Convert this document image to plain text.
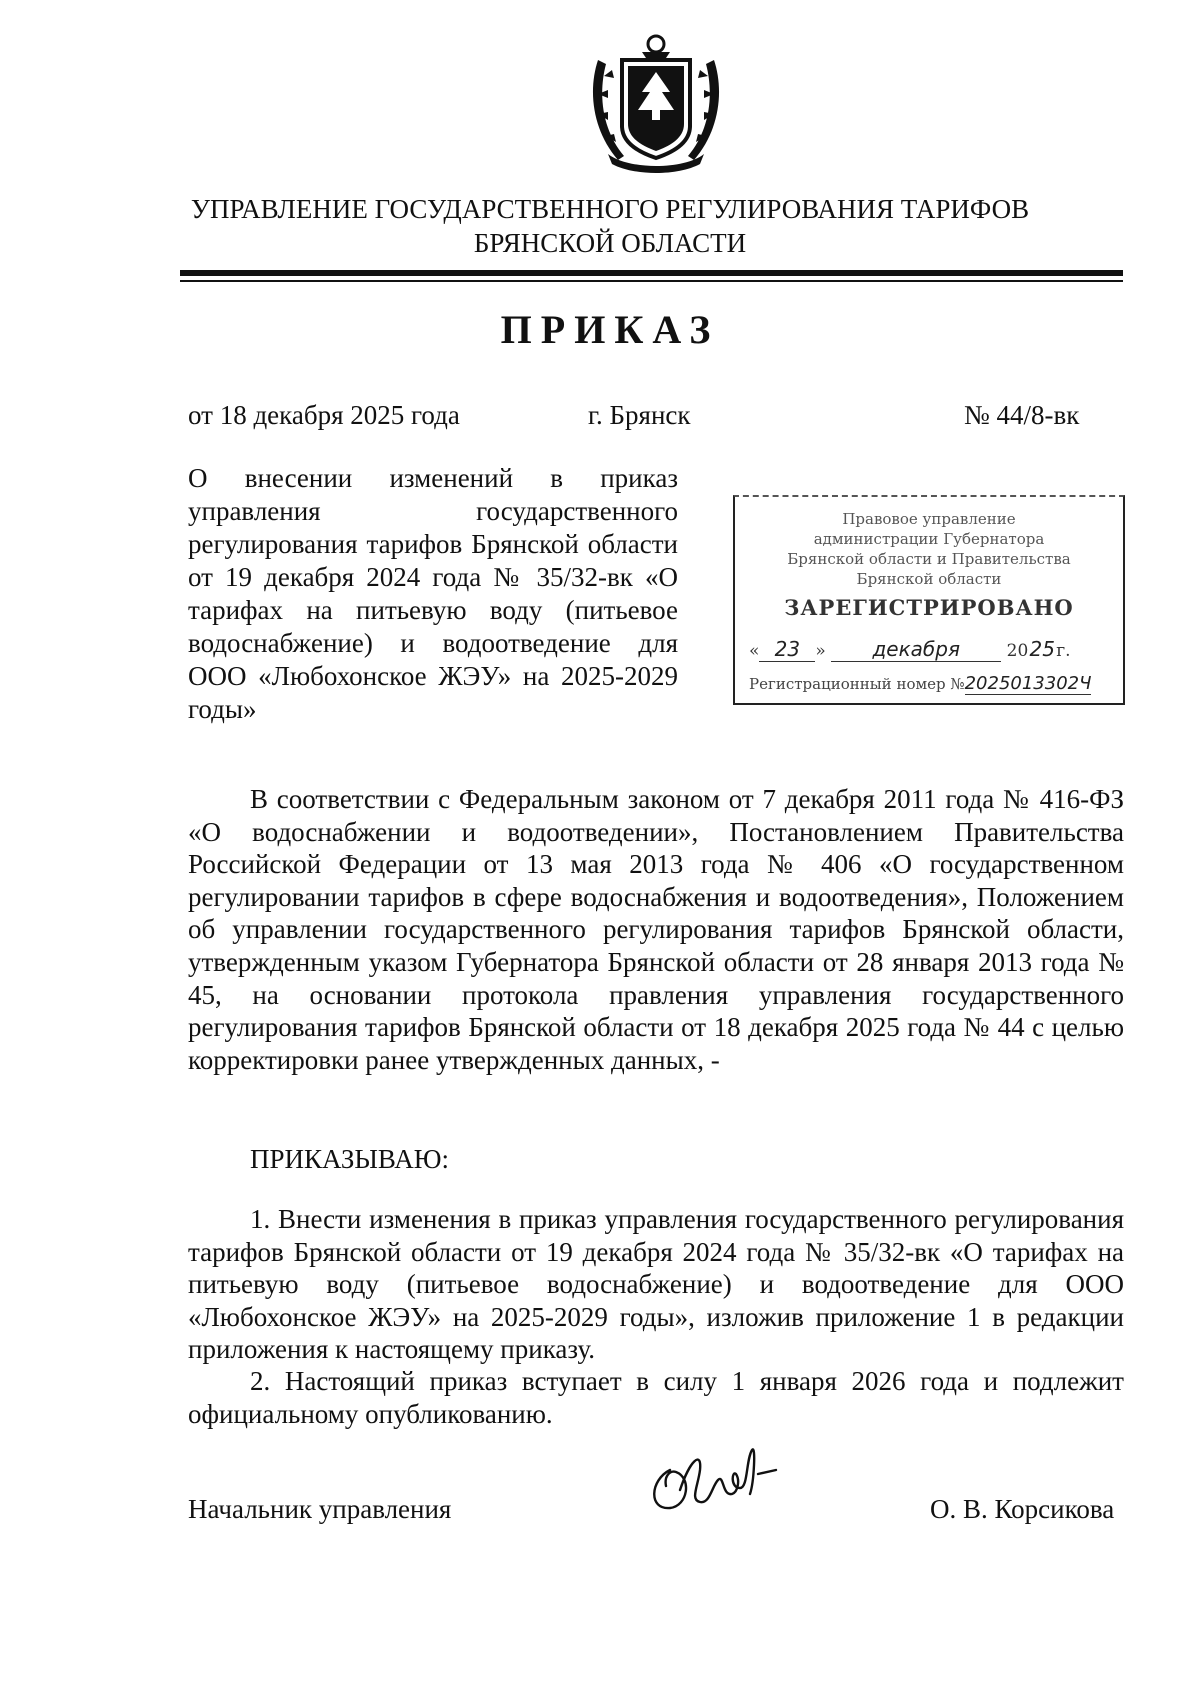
УПРАВЛЕНИЕ ГОСУДАРСТВЕННОГО РЕГУЛИРОВАНИЯ ТАРИФОВ
БРЯНСКОЙ ОБЛАСТИ
ПРИКАЗ
от 18 декабря 2025 года	г. Брянск	№ 44/8-вк
О внесении изменений в приказ управления государственного регулирования тарифов Брянской области от 19 декабря 2024 года № 35/32-вк «О тарифах на питьевую воду (питьевое водоснабжение) и водоотведение для ООО «Любохонское ЖЭУ» на 2025-2029 годы»
Правовое управление
администрации Губернатора
Брянской области и Правительства
Брянской области
ЗАРЕГИСТРИРОВАНО
« 23 » декабря	2025г.
Регистрационный номер №2025013302Ч
В соответствии с Федеральным законом от 7 декабря 2011 года № 416-ФЗ «О водоснабжении и водоотведении», Постановлением Правительства Российской Федерации от 13 мая 2013 года № 406 «О государственном регулировании тарифов в сфере водоснабжения и водоотведения», Положением об управлении государственного регулирования тарифов Брянской области, утвержденным указом Губернатора Брянской области от 28 января 2013 года № 45, на основании протокола правления управления государственного регулирования тарифов Брянской области от 18 декабря 2025 года № 44 с целью корректировки ранее утвержденных данных, -
ПРИКАЗЫВАЮ:
1. Внести изменения в приказ управления государственного регулирования тарифов Брянской области от 19 декабря 2024 года № 35/32-вк «О тарифах на питьевую воду (питьевое водоснабжение) и водоотведение для ООО «Любохонское ЖЭУ» на 2025-2029 годы», изложив приложение 1 в редакции приложения к настоящему приказу.
2. Настоящий приказ вступает в силу 1 января 2026 года и подлежит официальному опубликованию.
Начальник управления	О. В. Корсикова
